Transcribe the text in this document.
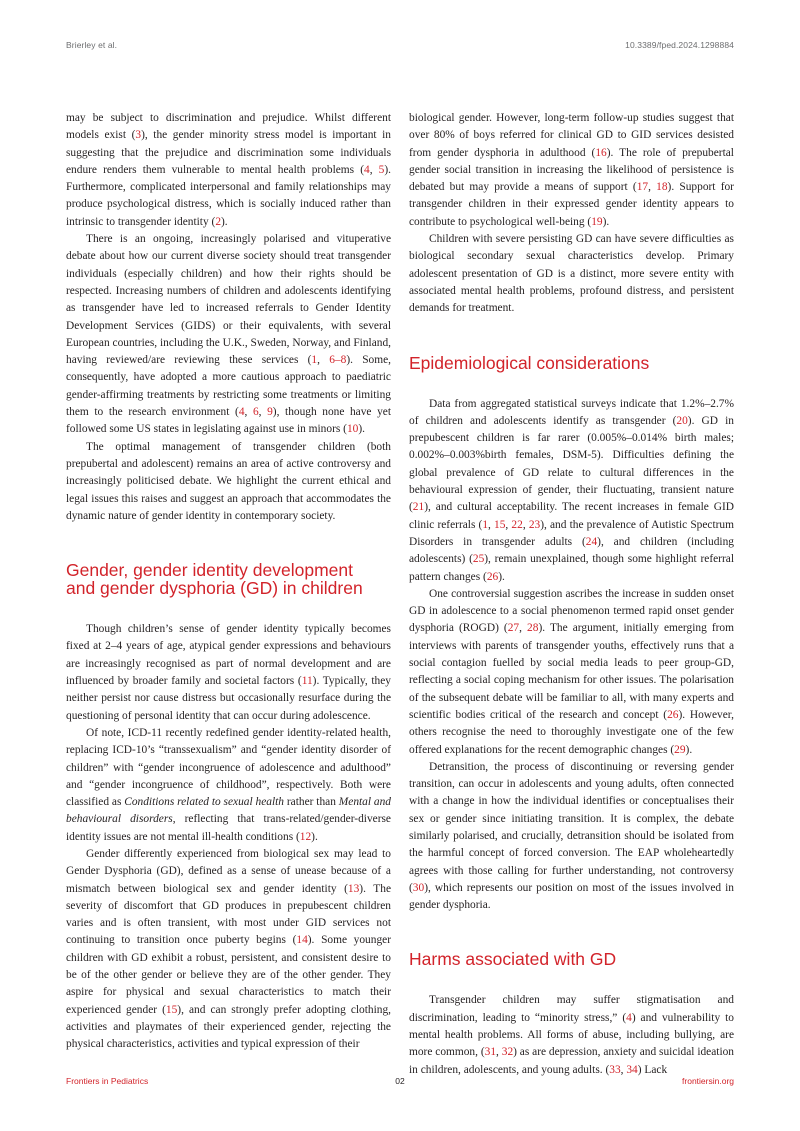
Brierley et al.	10.3389/fped.2024.1298884

may be subject to discrimination and prejudice. Whilst different models exist (3), the gender minority stress model is important in suggesting that the prejudice and discrimination some individuals endure renders them vulnerable to mental health problems (4, 5). Furthermore, complicated interpersonal and family relationships may produce psychological distress, which is socially induced rather than intrinsic to transgender identity (2).

There is an ongoing, increasingly polarised and vituperative debate about how our current diverse society should treat transgender individuals (especially children) and how their rights should be respected. Increasing numbers of children and adolescents identifying as transgender have led to increased referrals to Gender Identity Development Services (GIDS) or their equivalents, with several European countries, including the U.K., Sweden, Norway, and Finland, having reviewed/are reviewing these services (1, 6–8). Some, consequently, have adopted a more cautious approach to paediatric gender-affirming treatments by restricting some treatments or limiting them to the research environment (4, 6, 9), though none have yet followed some US states in legislating against use in minors (10).

The optimal management of transgender children (both prepubertal and adolescent) remains an area of active controversy and increasingly politicised debate. We highlight the current ethical and legal issues this raises and suggest an approach that accommodates the dynamic nature of gender identity in contemporary society.

Gender, gender identity development
and gender dysphoria (GD) in children

Though children’s sense of gender identity typically becomes fixed at 2–4 years of age, atypical gender expressions and behaviours are increasingly recognised as part of normal development and are influenced by broader family and societal factors (11). Typically, they neither persist nor cause distress but occasionally resurface during the questioning of personal identity that can occur during adolescence.

Of note, ICD-11 recently redefined gender identity-related health, replacing ICD-10’s “transsexualism” and “gender identity disorder of children” with “gender incongruence of adolescence and adulthood” and “gender incongruence of childhood”, respectively. Both were classified as Conditions related to sexual health rather than Mental and behavioural disorders, reflecting that trans-related/gender-diverse identity issues are not mental ill-health conditions (12).

Gender differently experienced from biological sex may lead to Gender Dysphoria (GD), defined as a sense of unease because of a mismatch between biological sex and gender identity (13). The severity of discomfort that GD produces in prepubescent children varies and is often transient, with most under GID services not continuing to transition once puberty begins (14). Some younger children with GD exhibit a robust, persistent, and consistent desire to be of the other gender or believe they are of the other gender. They aspire for physical and sexual characteristics to match their experienced gender (15), and can strongly prefer adopting clothing, activities and playmates of their experienced gender, rejecting the physical characteristics, activities and typical expression of their

biological gender. However, long-term follow-up studies suggest that over 80% of boys referred for clinical GD to GID services desisted from gender dysphoria in adulthood (16). The role of prepubertal gender social transition in increasing the likelihood of persistence is debated but may provide a means of support (17, 18). Support for transgender children in their expressed gender identity appears to contribute to psychological well-being (19).

Children with severe persisting GD can have severe difficulties as biological secondary sexual characteristics develop. Primary adolescent presentation of GD is a distinct, more severe entity with associated mental health problems, profound distress, and persistent demands for treatment.

Epidemiological considerations

Data from aggregated statistical surveys indicate that 1.2%–2.7% of children and adolescents identify as transgender (20). GD in prepubescent children is far rarer (0.005%–0.014% birth males; 0.002%–0.003%birth females, DSM-5). Difficulties defining the global prevalence of GD relate to cultural differences in the behavioural expression of gender, their fluctuating, transient nature (21), and cultural acceptability. The recent increases in female GID clinic referrals (1, 15, 22, 23), and the prevalence of Autistic Spectrum Disorders in transgender adults (24), and children (including adolescents) (25), remain unexplained, though some highlight referral pattern changes (26).

One controversial suggestion ascribes the increase in sudden onset GD in adolescence to a social phenomenon termed rapid onset gender dysphoria (ROGD) (27, 28). The argument, initially emerging from interviews with parents of transgender youths, effectively runs that a social contagion fuelled by social media leads to peer group-GD, reflecting a social coping mechanism for other issues. The polarisation of the subsequent debate will be familiar to all, with many experts and scientific bodies critical of the research and concept (26). However, others recognise the need to thoroughly investigate one of the few offered explanations for the recent demographic changes (29).

Detransition, the process of discontinuing or reversing gender transition, can occur in adolescents and young adults, often connected with a change in how the individual identifies or conceptualises their sex or gender since initiating transition. It is complex, the debate similarly polarised, and crucially, detransition should be isolated from the harmful concept of forced conversion. The EAP wholeheartedly agrees with those calling for further understanding, not controversy (30), which represents our position on most of the issues involved in gender dysphoria.

Harms associated with GD

Transgender children may suffer stigmatisation and discrimination, leading to “minority stress,” (4) and vulnerability to mental health problems. All forms of abuse, including bullying, are more common, (31, 32) as are depression, anxiety and suicidal ideation in children, adolescents, and young adults. (33, 34) Lack

Frontiers in Pediatrics	02	frontiersin.org
